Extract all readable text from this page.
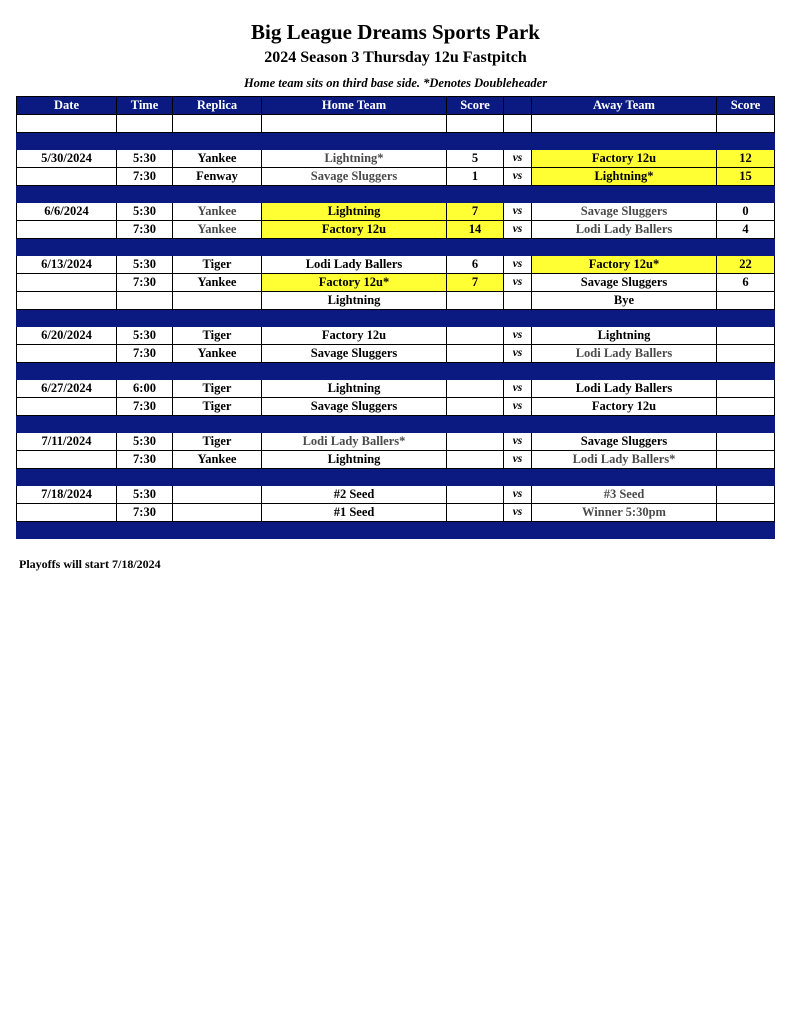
Big League Dreams Sports Park
2024 Season 3 Thursday 12u Fastpitch
Home team sits on third base side. *Denotes Doubleheader
Date	Time	Replica	Home Team	Score		Away Team	Score

5/30/2024	5:30	Yankee	Lightning*	5	vs	Factory 12u	12
	7:30	Fenway	Savage Sluggers	1	vs	Lightning*	15

6/6/2024	5:30	Yankee	Lightning	7	vs	Savage Sluggers	0
	7:30	Yankee	Factory 12u	14	vs	Lodi Lady Ballers	4

6/13/2024	5:30	Tiger	Lodi Lady Ballers	6	vs	Factory 12u*	22
	7:30	Yankee	Factory 12u*	7	vs	Savage Sluggers	6
			Lightning			Bye	

6/20/2024	5:30	Tiger	Factory 12u		vs	Lightning	
	7:30	Yankee	Savage Sluggers		vs	Lodi Lady Ballers	

6/27/2024	6:00	Tiger	Lightning		vs	Lodi Lady Ballers	
	7:30	Tiger	Savage Sluggers		vs	Factory 12u	

7/11/2024	5:30	Tiger	Lodi Lady Ballers*		vs	Savage Sluggers	
	7:30	Yankee	Lightning		vs	Lodi Lady Ballers*	

7/18/2024	5:30		#2 Seed		vs	#3 Seed	
	7:30		#1 Seed		vs	Winner 5:30pm	

Playoffs will start 7/18/2024
